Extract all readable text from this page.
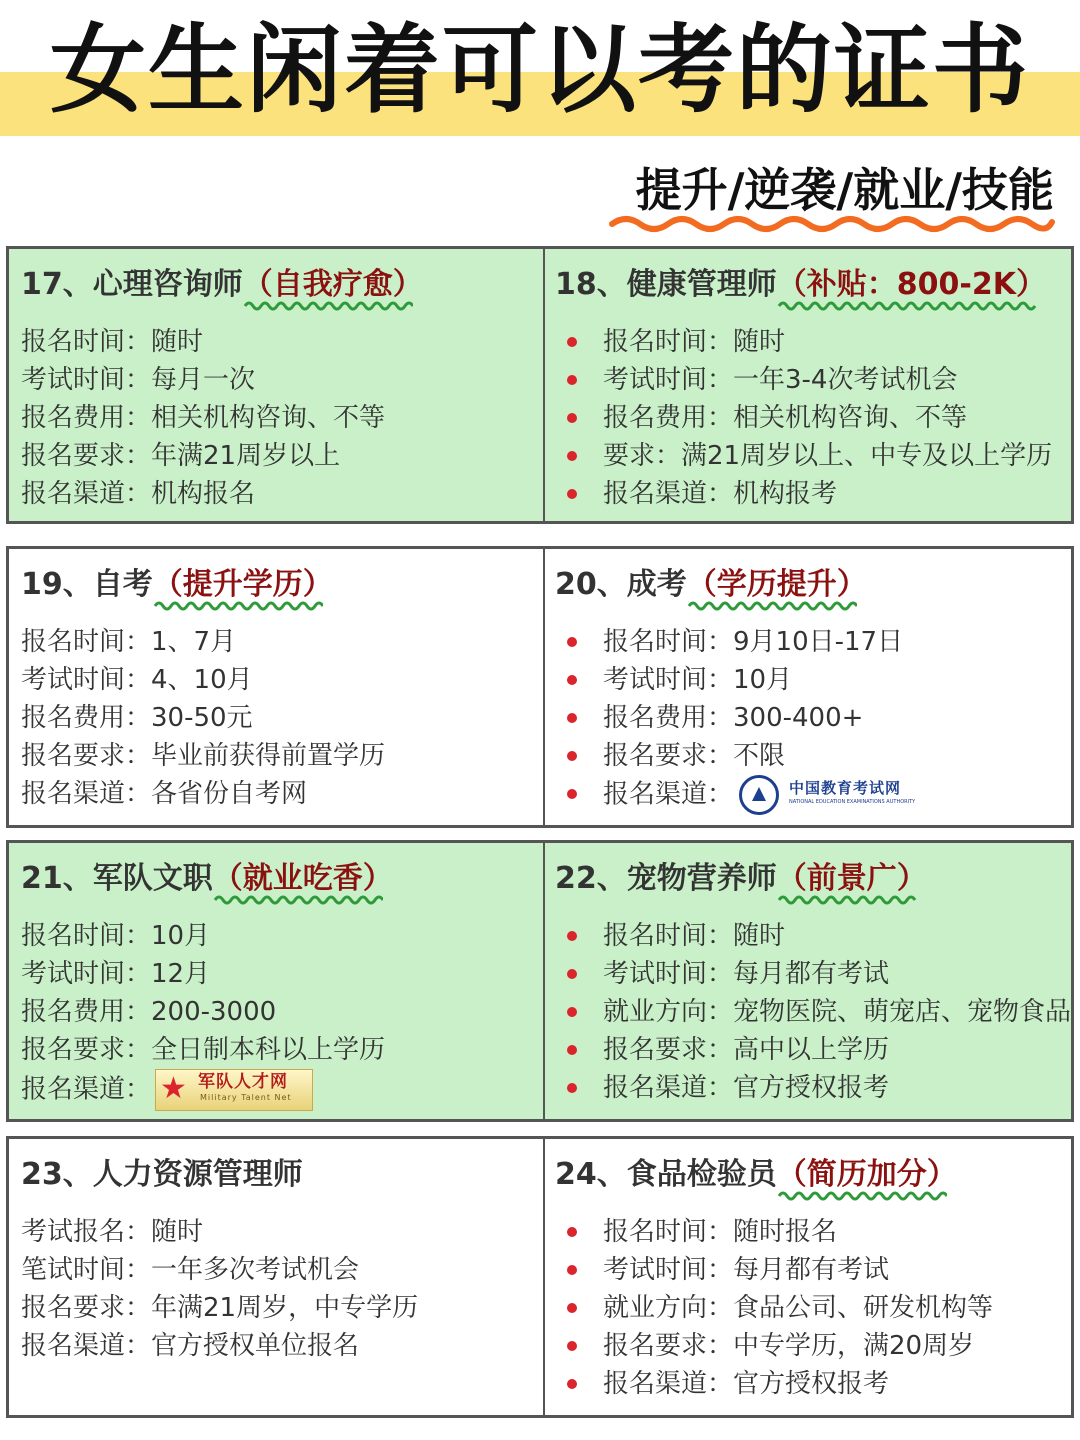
女生闲着可以考的证书
提升/逆袭/就业/技能
17、心理咨询师（自我疗愈）
报名时间：随时
考试时间：每月一次
报名费用：相关机构咨询、不等
报名要求：年满21周岁以上
报名渠道：机构报名
18、健康管理师（补贴：800-2K）
报名时间：随时
考试时间：一年3-4次考试机会
报名费用：相关机构咨询、不等
要求：满21周岁以上、中专及以上学历
报名渠道：机构报考
19、自考（提升学历）
报名时间：1、7月
考试时间：4、10月
报名费用：30-50元
报名要求：毕业前获得前置学历
报名渠道：各省份自考网
20、成考（学历提升）
报名时间：9月10日-17日
考试时间：10月
报名费用：300-400+
报名要求：不限
报名渠道：	中国教育考试网
NATIONAL EDUCATION EXAMINATIONS AUTHORITY
21、军队文职（就业吃香）
报名时间：10月
考试时间：12月
报名费用：200-3000
报名要求：全日制本科以上学历
报名渠道： ★ 军队人才网
Military Talent Net
22、宠物营养师（前景广）
报名时间：随时
考试时间：每月都有考试
就业方向：宠物医院、萌宠店、宠物食品
报名要求：高中以上学历
报名渠道：官方授权报考
23、人力资源管理师
考试报名：随时
笔试时间：一年多次考试机会
报名要求：年满21周岁，中专学历
报名渠道：官方授权单位报名
24、食品检验员（简历加分）
报名时间：随时报名
考试时间：每月都有考试
就业方向：食品公司、研发机构等
报名要求：中专学历，满20周岁
报名渠道：官方授权报考
